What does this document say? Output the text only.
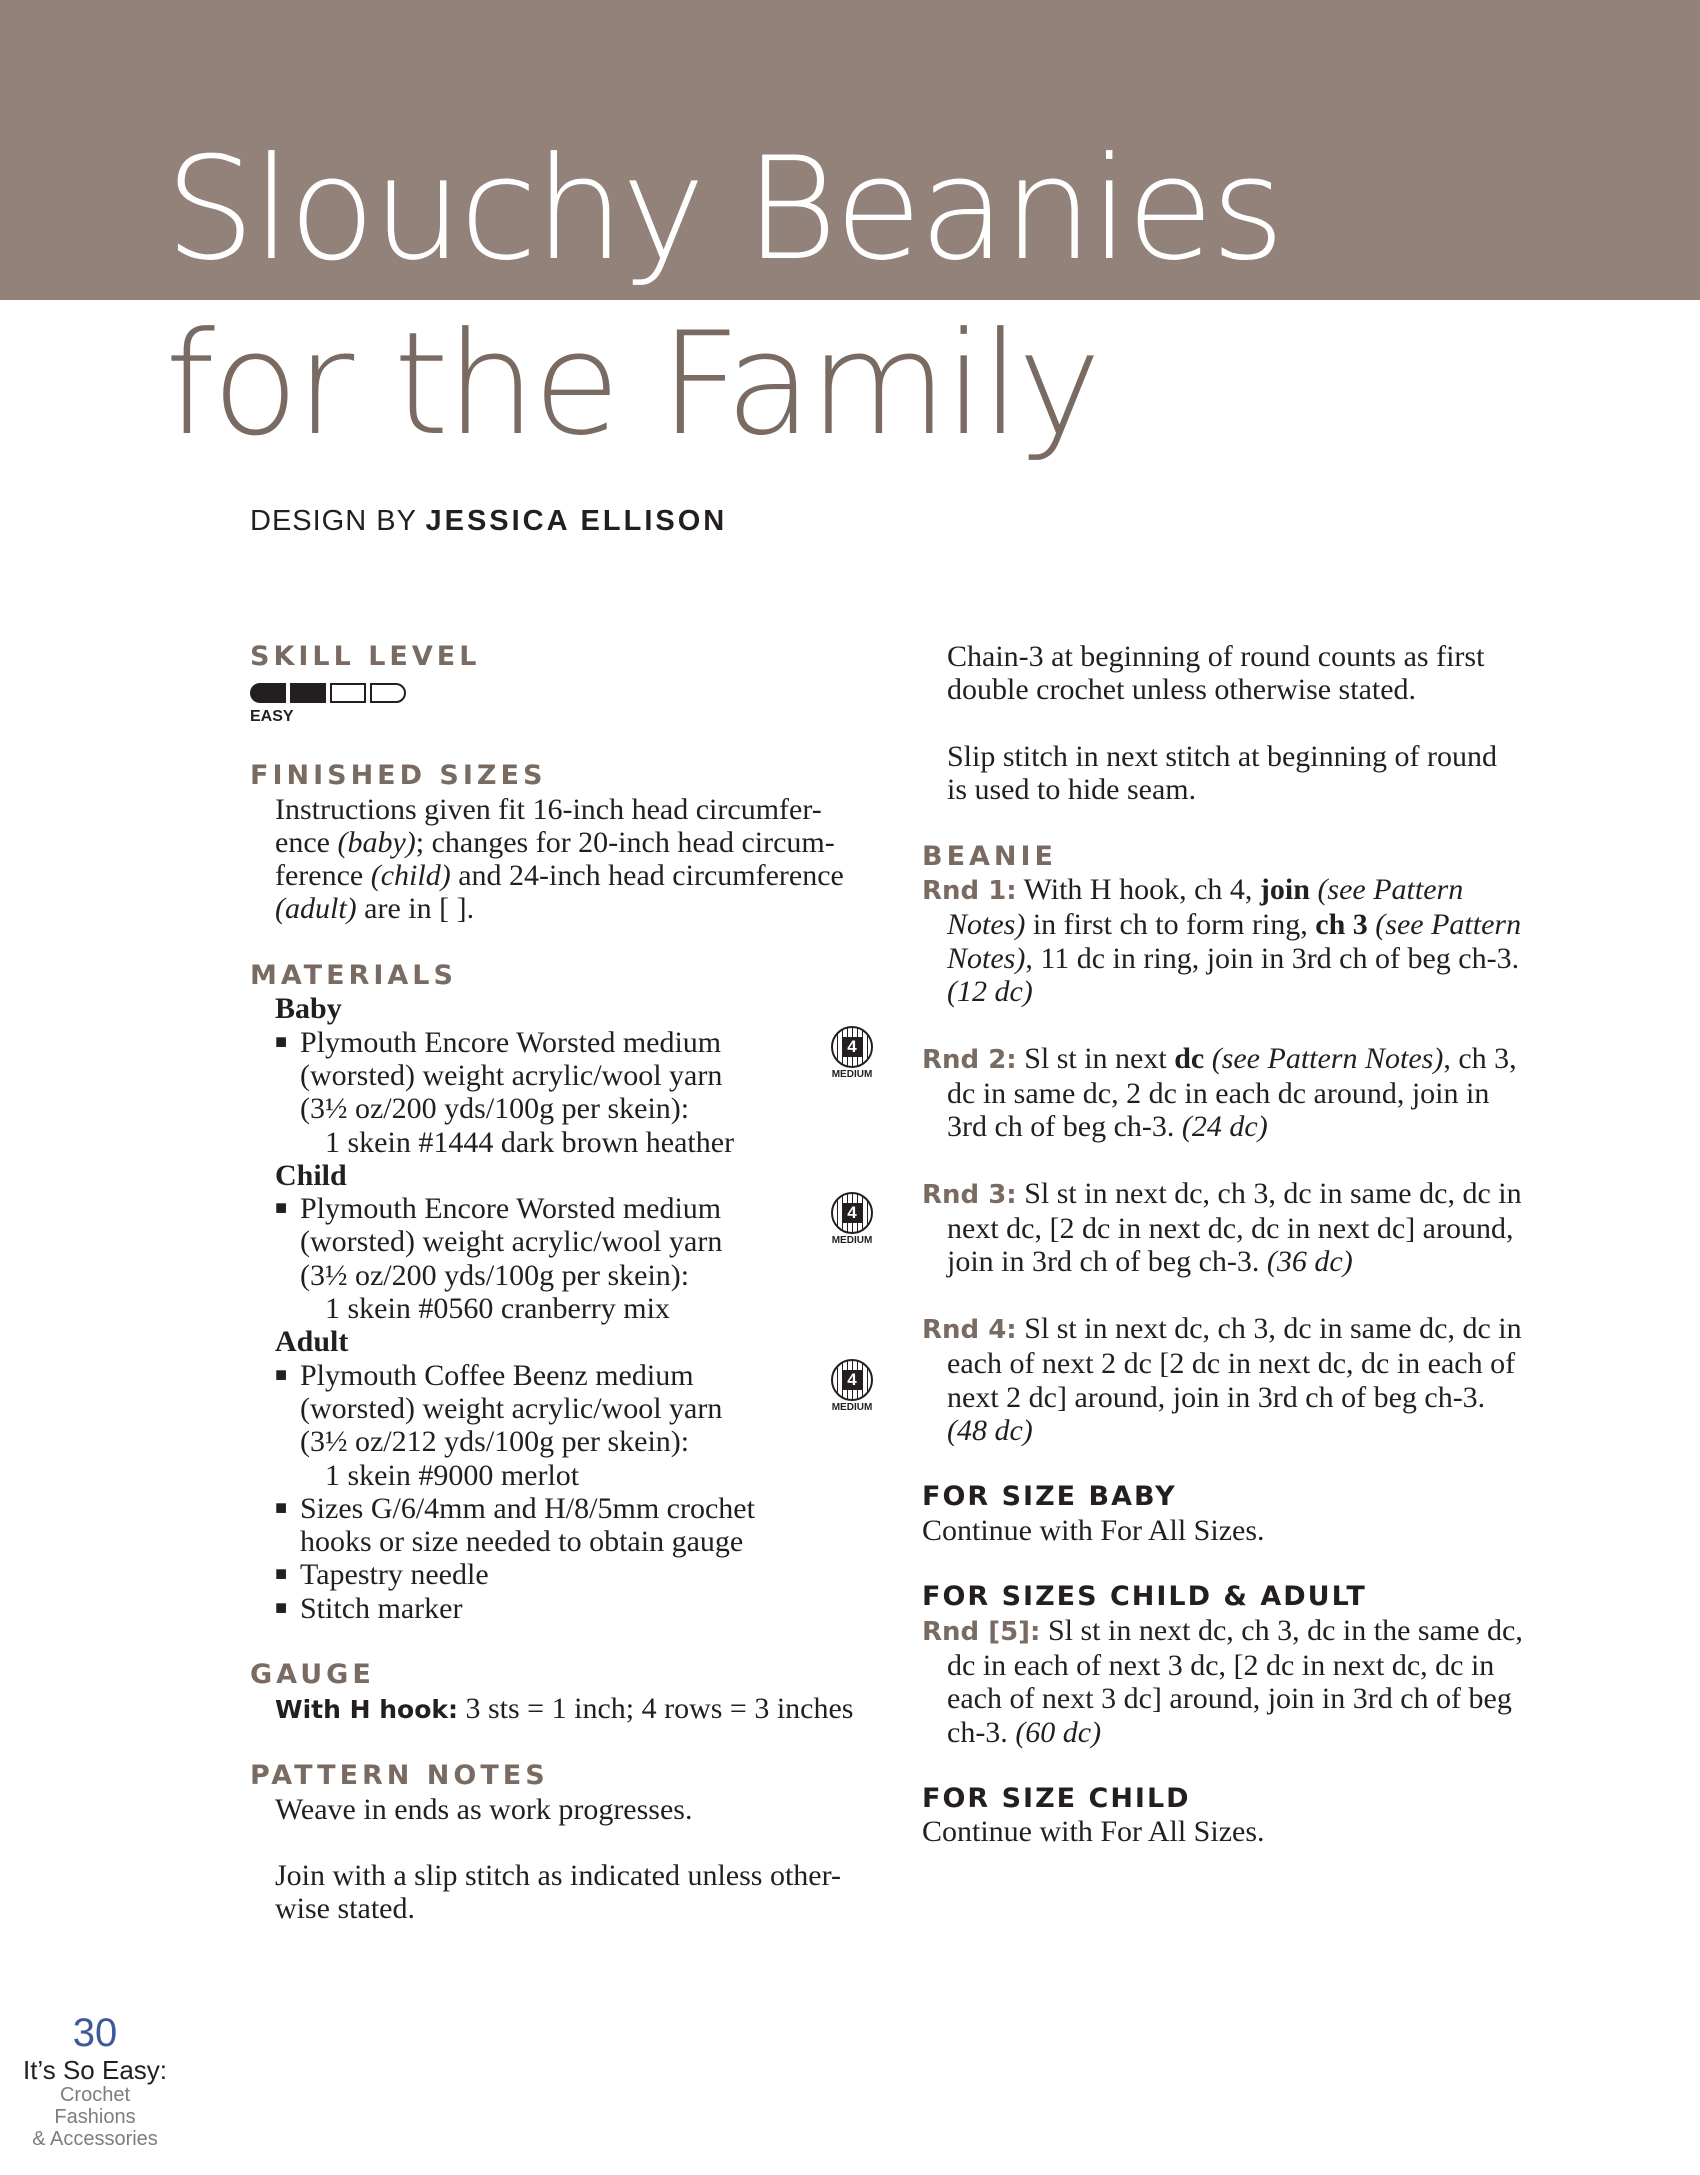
Slouchy Beanies
for the Family
DESIGN BY JESSICA ELLISON
SKILL LEVEL
EASY
FINISHED SIZES
Instructions given fit 16-inch head circumfer-
ence (baby); changes for 20-inch head circum-
ference (child) and 24-inch head circumference
(adult) are in [ ].
MATERIALS
Baby
■ Plymouth Encore Worsted medium
(worsted) weight acrylic/wool yarn
(3½ oz/200 yds/100g per skein):
1 skein #1444 dark brown heather
4
MEDIUM
Child
■ Plymouth Encore Worsted medium
(worsted) weight acrylic/wool yarn
(3½ oz/200 yds/100g per skein):
1 skein #0560 cranberry mix
4
MEDIUM
Adult
■ Plymouth Coffee Beenz medium
(worsted) weight acrylic/wool yarn
(3½ oz/212 yds/100g per skein):
1 skein #9000 merlot
4
MEDIUM
■ Sizes G/6/4mm and H/8/5mm crochet
hooks or size needed to obtain gauge
■ Tapestry needle
■ Stitch marker
GAUGE
With H hook: 3 sts = 1 inch; 4 rows = 3 inches
PATTERN NOTES
Weave in ends as work progresses.
Join with a slip stitch as indicated unless other-
wise stated.
Chain-3 at beginning of round counts as first
double crochet unless otherwise stated.
Slip stitch in next stitch at beginning of round
is used to hide seam.
BEANIE
Rnd 1: With H hook, ch 4, join (see Pattern
Notes) in first ch to form ring, ch 3 (see Pattern
Notes), 11 dc in ring, join in 3rd ch of beg ch-3.
(12 dc)
Rnd 2: Sl st in next dc (see Pattern Notes), ch 3,
dc in same dc, 2 dc in each dc around, join in
3rd ch of beg ch-3. (24 dc)
Rnd 3: Sl st in next dc, ch 3, dc in same dc, dc in
next dc, [2 dc in next dc, dc in next dc] around,
join in 3rd ch of beg ch-3. (36 dc)
Rnd 4: Sl st in next dc, ch 3, dc in same dc, dc in
each of next 2 dc [2 dc in next dc, dc in each of
next 2 dc] around, join in 3rd ch of beg ch-3.
(48 dc)
FOR SIZE BABY
Continue with For All Sizes.
FOR SIZES CHILD & ADULT
Rnd [5]: Sl st in next dc, ch 3, dc in the same dc,
dc in each of next 3 dc, [2 dc in next dc, dc in
each of next 3 dc] around, join in 3rd ch of beg
ch-3. (60 dc)
FOR SIZE CHILD
Continue with For All Sizes.
30
It’s So Easy:
Crochet Fashions
& Accessories
